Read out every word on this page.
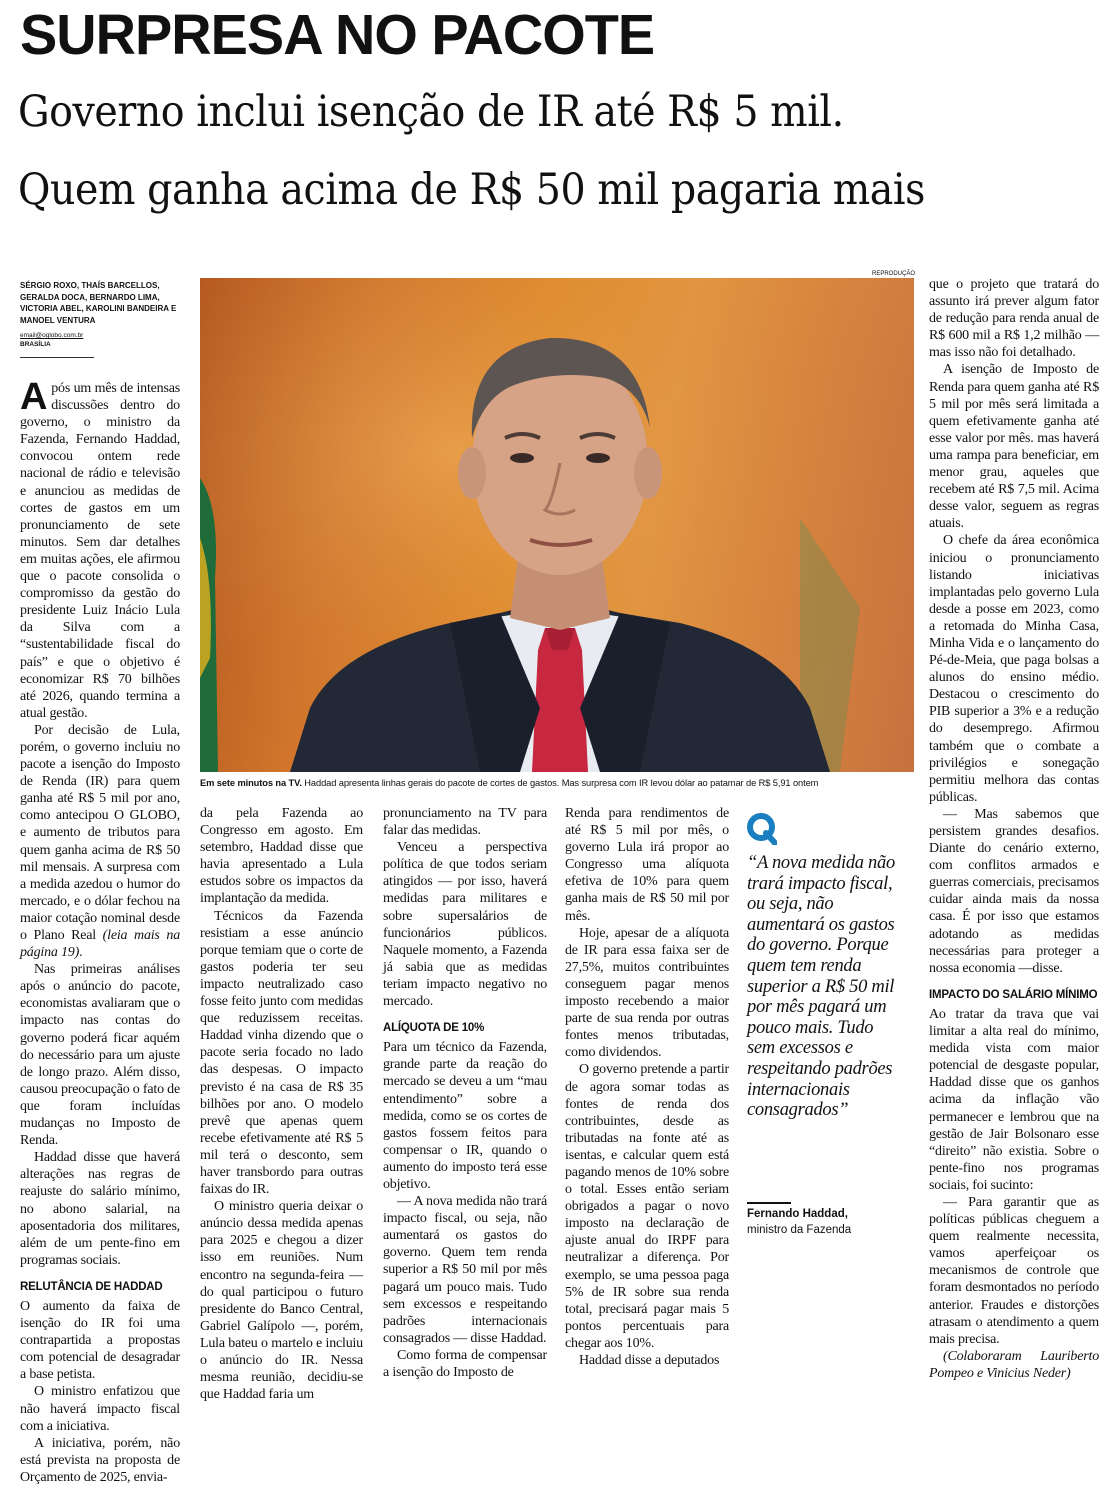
SURPRESA NO PACOTE
Governo inclui isenção de IR até R$ 5 mil.
Quem ganha acima de R$ 50 mil pagaria mais
SÉRGIO ROXO, THAÍS BARCELLOS, GERALDA DOCA, BERNARDO LIMA, VICTORIA ABEL, KAROLINI BANDEIRA E MANOEL VENTURA
email@oglobo.com.br
BRASÍLIA

Após um mês de intensas discussões dentro do governo, o ministro da Fazenda, Fernando Haddad, convocou ontem rede nacional de rádio e televisão e anunciou as medidas de cortes de gastos em um pronunciamento de sete minutos. Sem dar detalhes em muitas ações, ele afirmou que o pacote consolida o compromisso da gestão do presidente Luiz Inácio Lula da Silva com a “sustentabilidade fiscal do país” e que o objetivo é economizar R$ 70 bilhões até 2026, quando termina a atual gestão.

Por decisão de Lula, porém, o governo incluiu no pacote a isenção do Imposto de Renda (IR) para quem ganha até R$ 5 mil por ano, como antecipou O GLOBO, e aumento de tributos para quem ganha acima de R$ 50 mil mensais. A surpresa com a medida azedou o humor do mercado, e o dólar fechou na maior cotação nominal desde o Plano Real (leia mais na página 19).

Nas primeiras análises após o anúncio do pacote, economistas avaliaram que o impacto nas contas do governo poderá ficar aquém do necessário para um ajuste de longo prazo. Além disso, causou preocupação o fato de que foram incluídas mudanças no Imposto de Renda.

Haddad disse que haverá alterações nas regras de reajuste do salário mínimo, no abono salarial, na aposentadoria dos militares, além de um pente-fino em programas sociais.

RELUTÂNCIA DE HADDAD

O aumento da faixa de isenção do IR foi uma contrapartida a propostas com potencial de desagradar a base petista.

O ministro enfatizou que não haverá impacto fiscal com a iniciativa.

A iniciativa, porém, não está prevista na proposta de Orçamento de 2025, envia-

REPRODUÇÃO
Em sete minutos na TV. Haddad apresenta linhas gerais do pacote de cortes de gastos. Mas surpresa com IR levou dólar ao patamar de R$ 5,91 ontem

da pela Fazenda ao Congresso em agosto. Em setembro, Haddad disse que havia apresentado a Lula estudos sobre os impactos da implantação da medida.

Técnicos da Fazenda resistiam a esse anúncio porque temiam que o corte de gastos poderia ter seu impacto neutralizado caso fosse feito junto com medidas que reduzissem receitas. Haddad vinha dizendo que o pacote seria focado no lado das despesas. O impacto previsto é na casa de R$ 35 bilhões por ano. O modelo prevê que apenas quem recebe efetivamente até R$ 5 mil terá o desconto, sem haver transbordo para outras faixas do IR.

O ministro queria deixar o anúncio dessa medida apenas para 2025 e chegou a dizer isso em reuniões. Num encontro na segunda-feira — do qual participou o futuro presidente do Banco Central, Gabriel Galípolo —, porém, Lula bateu o martelo e incluiu o anúncio do IR. Nessa mesma reunião, decidiu-se que Haddad faria um

pronunciamento na TV para falar das medidas.

Venceu a perspectiva política de que todos seriam atingidos — por isso, haverá medidas para militares e sobre supersalários de funcionários públicos. Naquele momento, a Fazenda já sabia que as medidas teriam impacto negativo no mercado.

ALÍQUOTA DE 10%

Para um técnico da Fazenda, grande parte da reação do mercado se deveu a um “mau entendimento” sobre a medida, como se os cortes de gastos fossem feitos para compensar o IR, quando o aumento do imposto terá esse objetivo.

— A nova medida não trará impacto fiscal, ou seja, não aumentará os gastos do governo. Quem tem renda superior a R$ 50 mil por mês pagará um pouco mais. Tudo sem excessos e respeitando padrões internacionais consagrados — disse Haddad.

Como forma de compensar a isenção do Imposto de

Renda para rendimentos de até R$ 5 mil por mês, o governo Lula irá propor ao Congresso uma alíquota efetiva de 10% para quem ganha mais de R$ 50 mil por mês.

Hoje, apesar de a alíquota de IR para essa faixa ser de 27,5%, muitos contribuintes conseguem pagar menos imposto recebendo a maior parte de sua renda por outras fontes menos tributadas, como dividendos.

O governo pretende a partir de agora somar todas as fontes de renda dos contribuintes, desde as tributadas na fonte até as isentas, e calcular quem está pagando menos de 10% sobre o total. Esses então seriam obrigados a pagar o novo imposto na declaração de ajuste anual do IRPF para neutralizar a diferença. Por exemplo, se uma pessoa paga 5% de IR sobre sua renda total, precisará pagar mais 5 pontos percentuais para chegar aos 10%.

Haddad disse a deputados

“A nova medida não trará impacto fiscal, ou seja, não aumentará os gastos do governo. Porque quem tem renda superior a R$ 50 mil por mês pagará um pouco mais. Tudo sem excessos e respeitando padrões internacionais consagrados”
Fernando Haddad,
ministro da Fazenda

que o projeto que tratará do assunto irá prever algum fator de redução para renda anual de R$ 600 mil a R$ 1,2 milhão — mas isso não foi detalhado.

A isenção de Imposto de Renda para quem ganha até R$ 5 mil por mês será limitada a quem efetivamente ganha até esse valor por mês. mas haverá uma rampa para beneficiar, em menor grau, aqueles que recebem até R$ 7,5 mil. Acima desse valor, seguem as regras atuais.

O chefe da área econômica iniciou o pronunciamento listando iniciativas implantadas pelo governo Lula desde a posse em 2023, como a retomada do Minha Casa, Minha Vida e o lançamento do Pé-de-Meia, que paga bolsas a alunos do ensino médio. Destacou o crescimento do PIB superior a 3% e a redução do desemprego. Afirmou também que o combate a privilégios e sonegação permitiu melhora das contas públicas.

— Mas sabemos que persistem grandes desafios. Diante do cenário externo, com conflitos armados e guerras comerciais, precisamos cuidar ainda mais da nossa casa. É por isso que estamos adotando as medidas necessárias para proteger a nossa economia —disse.

IMPACTO DO SALÁRIO MÍNIMO

Ao tratar da trava que vai limitar a alta real do mínimo, medida vista com maior potencial de desgaste popular, Haddad disse que os ganhos acima da inflação vão permanecer e lembrou que na gestão de Jair Bolsonaro esse “direito” não existia. Sobre o pente-fino nos programas sociais, foi sucinto:

— Para garantir que as políticas públicas cheguem a quem realmente necessita, vamos aperfeiçoar os mecanismos de controle que foram desmontados no período anterior. Fraudes e distorções atrasam o atendimento a quem mais precisa.

(Colaboraram Lauriberto Pompeo e Vinicius Neder)
